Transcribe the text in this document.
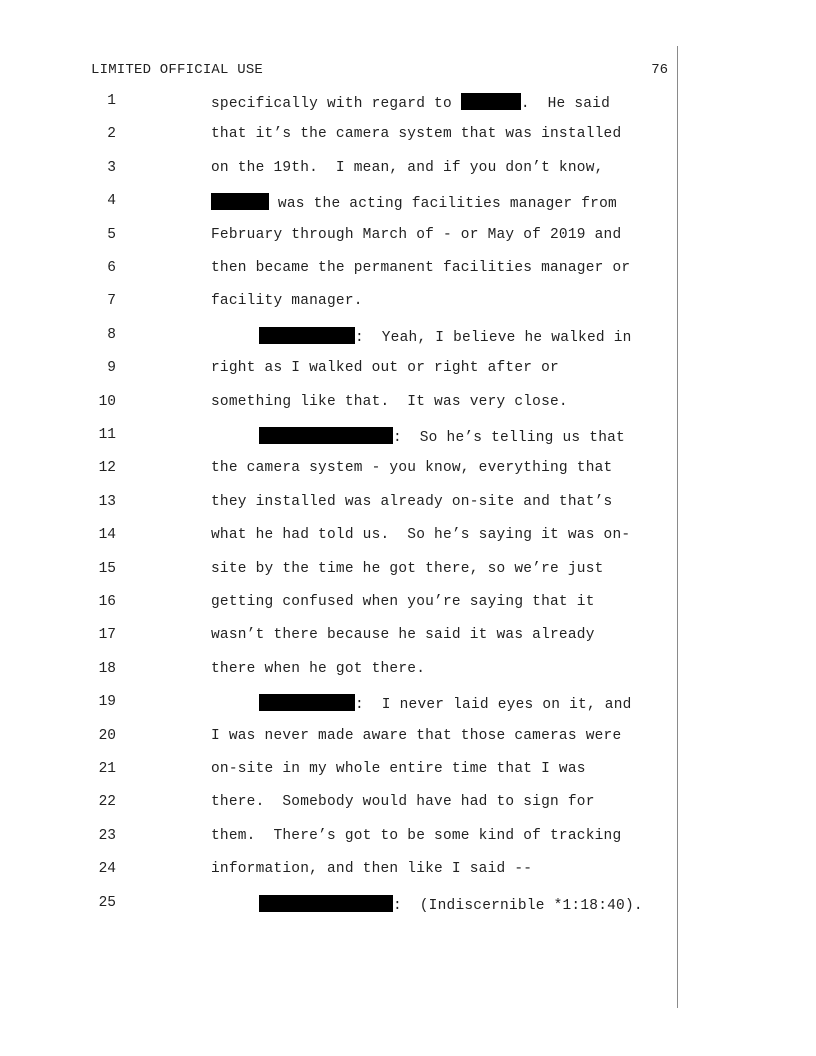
LIMITED OFFICIAL USE	76
1	specifically with regard to	.  He said
2	that it’s the camera system that was installed
3	on the 19th.  I mean, and if you don’t know,
4	was the acting facilities manager from
5	February through March of - or May of 2019 and
6	then became the permanent facilities manager or
7	facility manager.
8	:  Yeah, I believe he walked in
9	right as I walked out or right after or
10	something like that.  It was very close.
11	:  So he’s telling us that
12	the camera system - you know, everything that
13	they installed was already on-site and that’s
14	what he had told us.  So he’s saying it was on-
15	site by the time he got there, so we’re just
16	getting confused when you’re saying that it
17	wasn’t there because he said it was already
18	there when he got there.
19	:  I never laid eyes on it, and
20	I was never made aware that those cameras were
21	on-site in my whole entire time that I was
22	there.  Somebody would have had to sign for
23	them.  There’s got to be some kind of tracking
24	information, and then like I said --
25	:  (Indiscernible *1:18:40).
